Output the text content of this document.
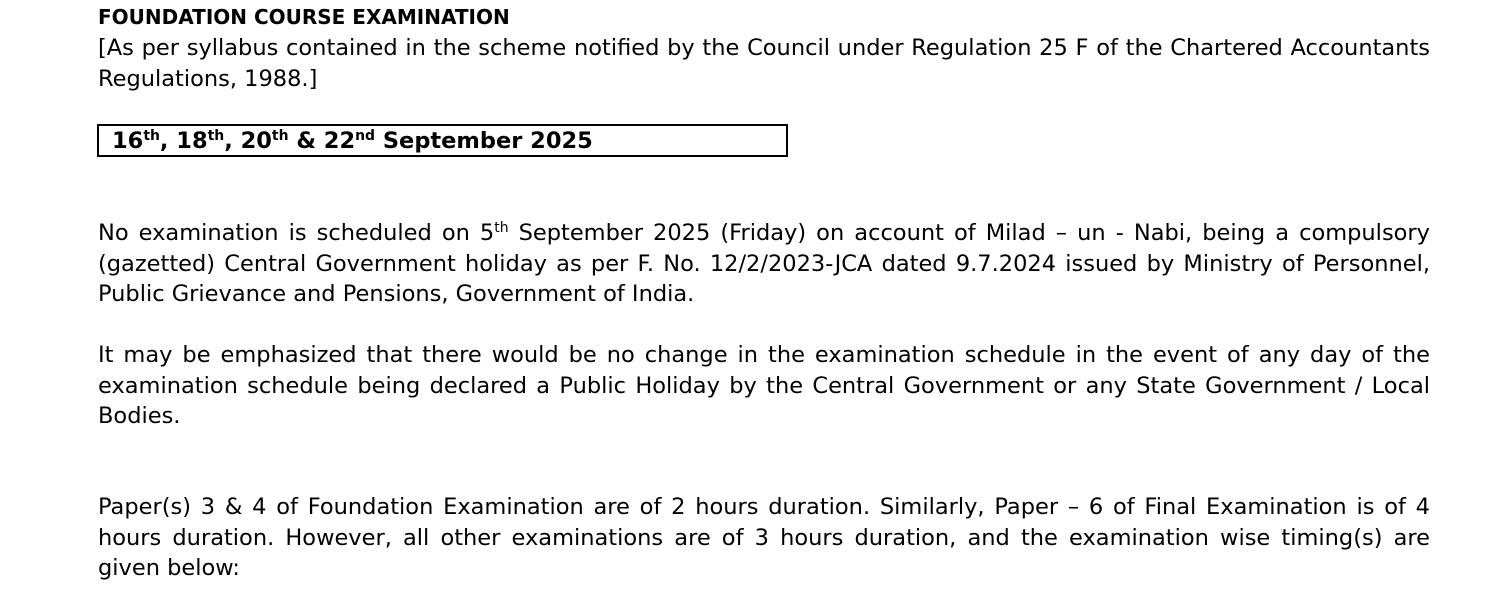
FOUNDATION COURSE EXAMINATION

[As per syllabus contained in the scheme notified by the Council under Regulation 25 F of the Chartered Accountants Regulations, 1988.]

16th, 18th, 20th & 22nd September 2025

No examination is scheduled on 5th September 2025 (Friday) on account of Milad – un - Nabi, being a compulsory (gazetted) Central Government holiday as per F. No. 12/2/2023-JCA dated 9.7.2024 issued by Ministry of Personnel, Public Grievance and Pensions, Government of India.

It may be emphasized that there would be no change in the examination schedule in the event of any day of the examination schedule being declared a Public Holiday by the Central Government or any State Government / Local Bodies.

Paper(s) 3 & 4 of Foundation Examination are of 2 hours duration. Similarly, Paper – 6 of Final Examination is of 4 hours duration. However, all other examinations are of 3 hours duration, and the examination wise timing(s) are given below:
